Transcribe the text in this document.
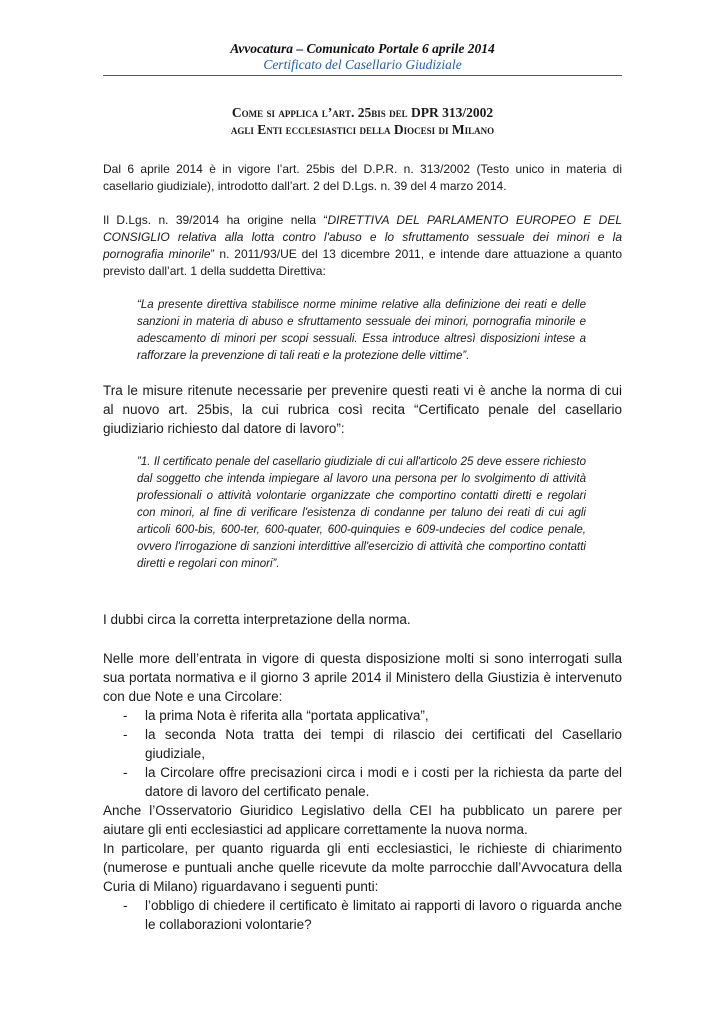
Avvocatura – Comunicato Portale 6 aprile 2014
Certificato del Casellario Giudiziale
Come si applica l’art. 25bis del DPR 313/2002
agli Enti ecclesiastici della Diocesi di Milano

Dal 6 aprile 2014 è in vigore l’art. 25bis del D.P.R. n. 313/2002 (Testo unico in materia di casellario giudiziale), introdotto dall’art. 2 del D.Lgs. n. 39 del 4 marzo 2014.

Il D.Lgs. n. 39/2014 ha origine nella “DIRETTIVA DEL PARLAMENTO EUROPEO E DEL CONSIGLIO relativa alla lotta contro l'abuso e lo sfruttamento sessuale dei minori e la pornografia minorile” n. 2011/93/UE del 13 dicembre 2011, e intende dare attuazione a quanto previsto dall’art. 1 della suddetta Direttiva:

“La presente direttiva stabilisce norme minime relative alla definizione dei reati e delle sanzioni in materia di abuso e sfruttamento sessuale dei minori, pornografia minorile e adescamento di minori per scopi sessuali. Essa introduce altresì disposizioni intese a rafforzare la prevenzione di tali reati e la protezione delle vittime”.

Tra le misure ritenute necessarie per prevenire questi reati vi è anche la norma di cui al nuovo art. 25bis, la cui rubrica così recita “Certificato penale del casellario giudiziario richiesto dal datore di lavoro”:

”1. Il certificato penale del casellario giudiziale di cui all'articolo 25 deve essere richiesto dal soggetto che intenda impiegare al lavoro una persona per lo svolgimento di attività professionali o attività volontarie organizzate che comportino contatti diretti e regolari con minori, al fine di verificare l'esistenza di condanne per taluno dei reati di cui agli articoli 600-bis, 600-ter, 600-quater, 600-quinquies e 609-undecies del codice penale, ovvero l'irrogazione di sanzioni interdittive all'esercizio di attività che comportino contatti diretti e regolari con minori”.

I dubbi circa la corretta interpretazione della norma.

Nelle more dell’entrata in vigore di questa disposizione molti si sono interrogati sulla sua portata normativa e il giorno 3 aprile 2014 il Ministero della Giustizia è intervenuto con due Note e una Circolare:

- la prima Nota è riferita alla “portata applicativa”,
- la seconda Nota tratta dei tempi di rilascio dei certificati del Casellario giudiziale,
- la Circolare offre precisazioni circa i modi e i costi per la richiesta da parte del datore di lavoro del certificato penale.

Anche l’Osservatorio Giuridico Legislativo della CEI ha pubblicato un parere per aiutare gli enti ecclesiastici ad applicare correttamente la nuova norma.

In particolare, per quanto riguarda gli enti ecclesiastici, le richieste di chiarimento (numerose e puntuali anche quelle ricevute da molte parrocchie dall’Avvocatura della Curia di Milano) riguardavano i seguenti punti:

- l’obbligo di chiedere il certificato è limitato ai rapporti di lavoro o riguarda anche le collaborazioni volontarie?
